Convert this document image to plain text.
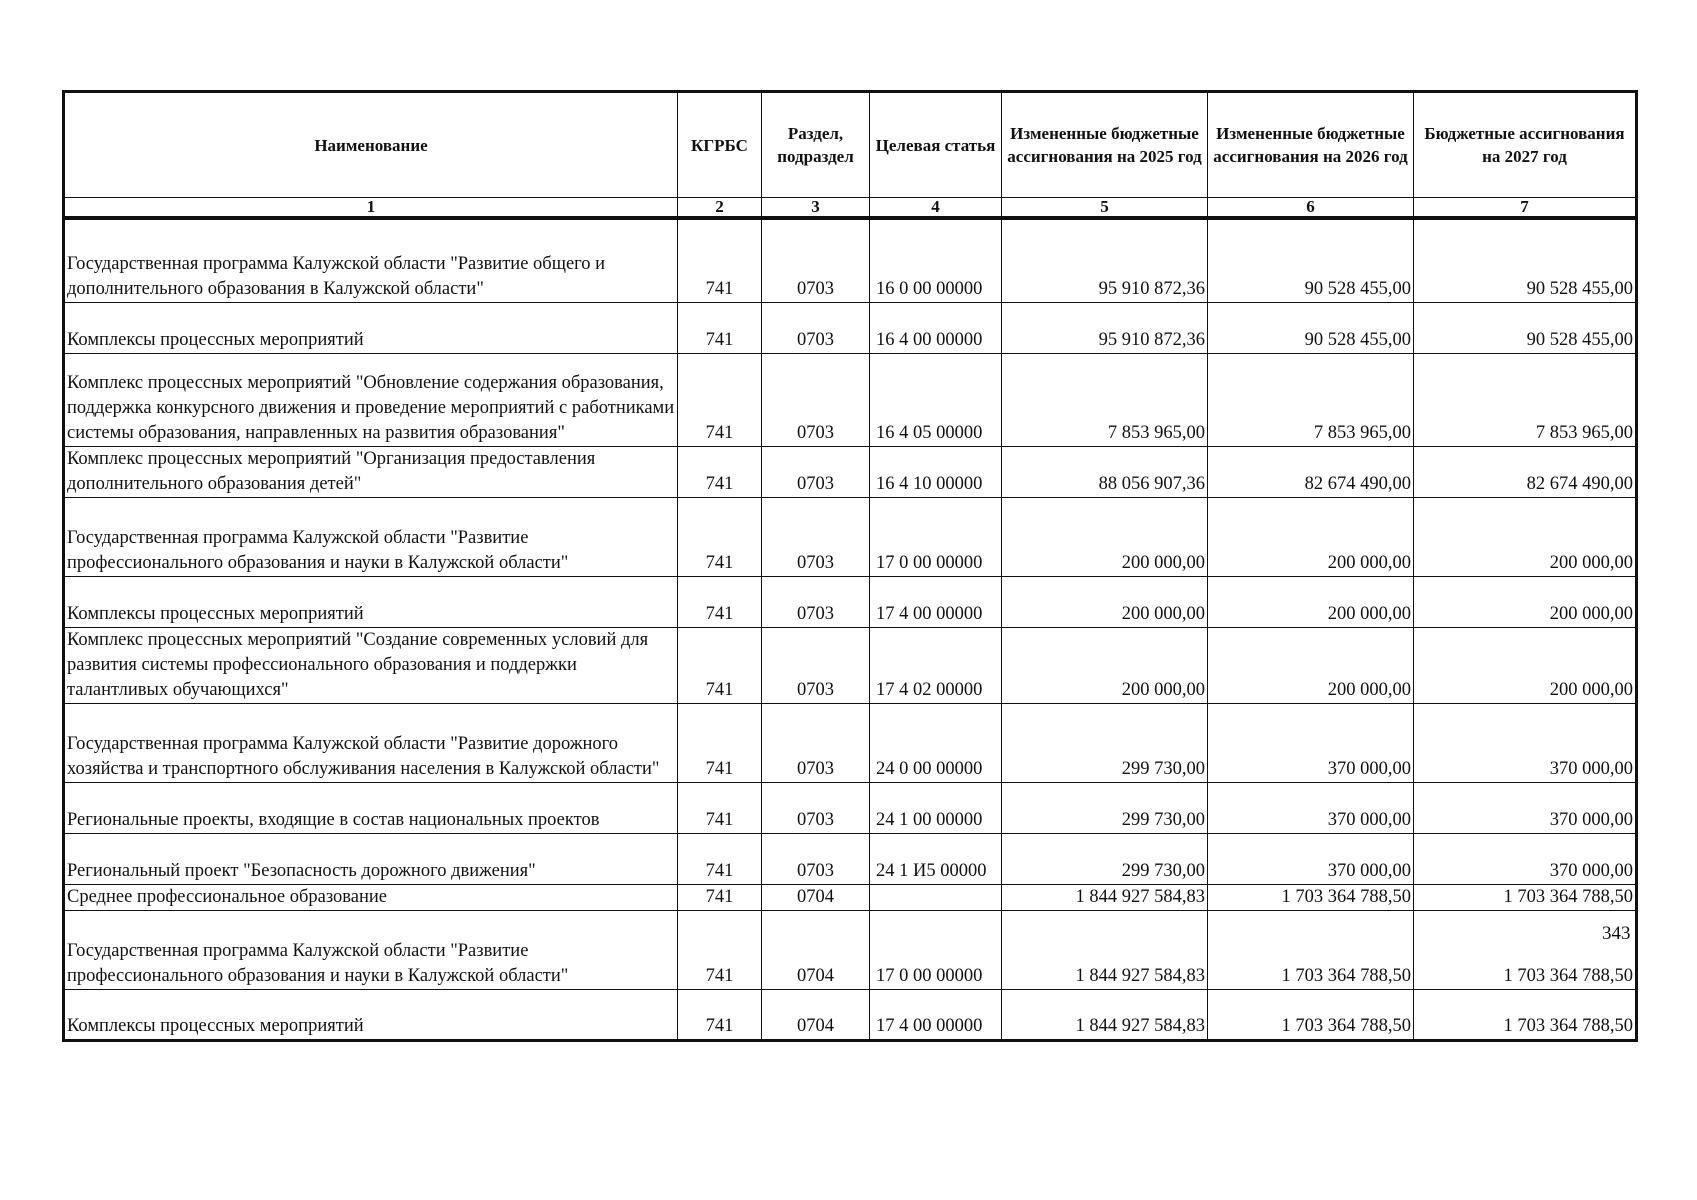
Наименование	КГРБС	Раздел, подраздел	Целевая статья	Измененные бюджетные ассигнования на 2025 год	Измененные бюджетные ассигнования на 2026 год	Бюджетные ассигнования на 2027 год
1	2	3	4	5	6	7
Государственная программа Калужской области "Развитие общего и дополнительного образования в Калужской области"	741	0703	16 0 00 00000	95 910 872,36	90 528 455,00	90 528 455,00
Комплексы процессных мероприятий	741	0703	16 4 00 00000	95 910 872,36	90 528 455,00	90 528 455,00
Комплекс процессных мероприятий "Обновление содержания образования, поддержка конкурсного движения и проведение мероприятий с работниками системы образования, направленных на развития образования"	741	0703	16 4 05 00000	7 853 965,00	7 853 965,00	7 853 965,00
Комплекс процессных мероприятий "Организация предоставления дополнительного образования детей"	741	0703	16 4 10 00000	88 056 907,36	82 674 490,00	82 674 490,00
Государственная программа Калужской области "Развитие профессионального образования и науки в Калужской области"	741	0703	17 0 00 00000	200 000,00	200 000,00	200 000,00
Комплексы процессных мероприятий	741	0703	17 4 00 00000	200 000,00	200 000,00	200 000,00
Комплекс процессных мероприятий "Создание современных условий для развития системы профессионального образования и поддержки талантливых обучающихся"	741	0703	17 4 02 00000	200 000,00	200 000,00	200 000,00
Государственная программа Калужской области "Развитие дорожного хозяйства и транспортного обслуживания населения в Калужской области"	741	0703	24 0 00 00000	299 730,00	370 000,00	370 000,00
Региональные проекты, входящие в состав национальных проектов	741	0703	24 1 00 00000	299 730,00	370 000,00	370 000,00
Региональный проект "Безопасность дорожного движения"	741	0703	24 1 И5 00000	299 730,00	370 000,00	370 000,00
Среднее профессиональное образование	741	0704		1 844 927 584,83	1 703 364 788,50	1 703 364 788,50
Государственная программа Калужской области "Развитие профессионального образования и науки в Калужской области"	741	0704	17 0 00 00000	1 844 927 584,83	1 703 364 788,50	1 703 364 788,50
Комплексы процессных мероприятий	741	0704	17 4 00 00000	1 844 927 584,83	1 703 364 788,50	1 703 364 788,50
343
